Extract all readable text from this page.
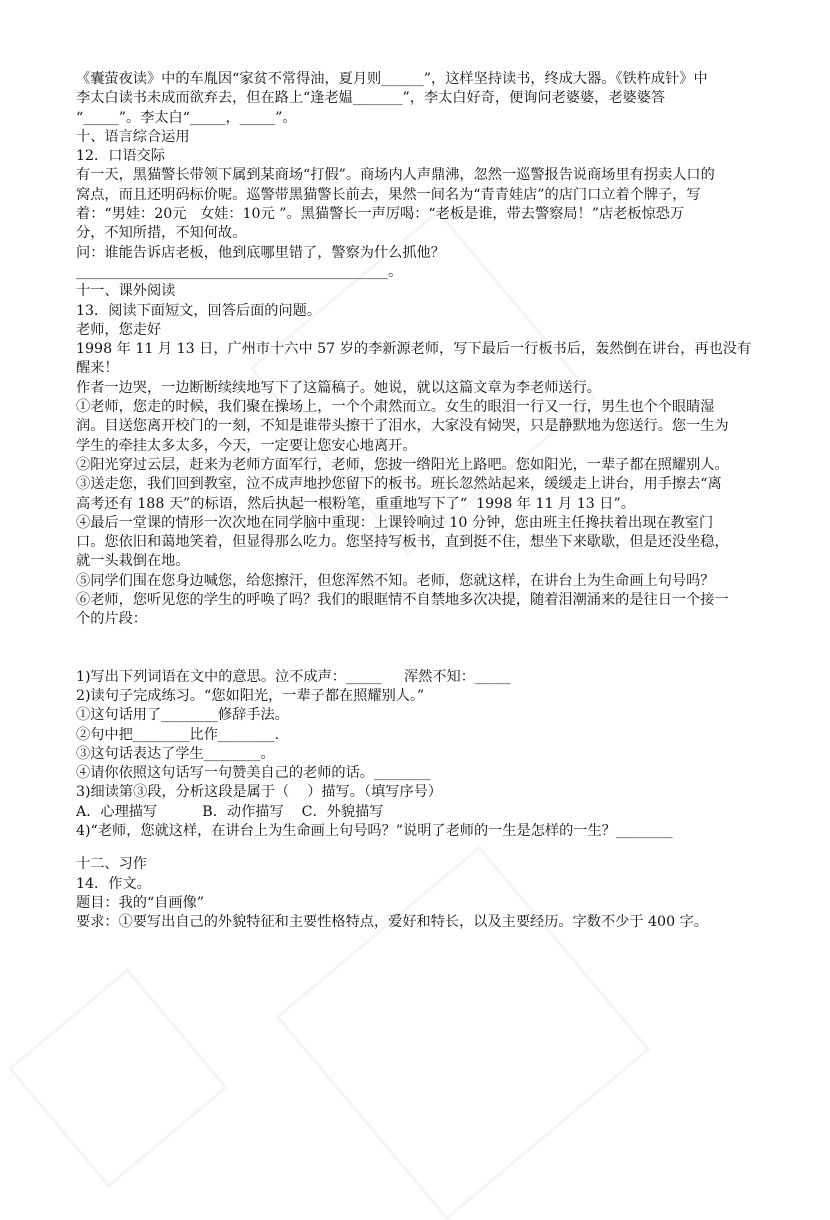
《囊萤夜读》中的车胤因“家贫不常得油，夏月则______”，这样坚持读书，终成大器。《铁杵成针》中
李太白读书未成而欲弃去，但在路上“逢老媪_______”，李太白好奇，便询问老婆婆，老婆婆答
“_____”。李太白“_____，_____”。
十、语言综合运用
12．口语交际
有一天，黑猫警长带领下属到某商场“打假”。商场内人声鼎沸，忽然一巡警报告说商场里有拐卖人口的
窝点，而且还明码标价呢。巡警带黑猫警长前去，果然一间名为“青青娃店”的店门口立着个牌子，写
着：“男娃：20元   女娃：10元 ”。黑猫警长一声厉喝：“老板是谁，带去警察局！”店老板惊恐万
分，不知所措，不知何故。
问：谁能告诉店老板，他到底哪里错了，警察为什么抓他？
____________________________________________。
十一、课外阅读
13．阅读下面短文，回答后面的问题。
老师，您走好
1998 年 11 月 13 日，广州市十六中 57 岁的李新源老师，写下最后一行板书后，轰然倒在讲台，再也没有
醒来！
作者一边哭，一边断断续续地写下了这篇稿子。她说，就以这篇文章为李老师送行。
①老师，您走的时候，我们聚在操场上，一个个肃然而立。女生的眼泪一行又一行，男生也个个眼睛湿
润。目送您离开校门的一刻，不知是谁带头擦干了泪水，大家没有恸哭，只是静默地为您送行。您一生为
学生的牵挂太多太多，今天，一定要让您安心地离开。
②阳光穿过云层，赶来为老师方面军行，老师，您披一绺阳光上路吧。您如阳光，一辈子都在照耀别人。
③送走您，我们回到教室，泣不成声地抄您留下的板书。班长忽然站起来，缓缓走上讲台，用手擦去“离
高考还有 188 天”的标语，然后执起一根粉笔，重重地写下了“  1998 年 11 月 13 日”。
④最后一堂课的情形一次次地在同学脑中重现：上课铃响过 10 分钟，您由班主任搀扶着出现在教室门
口。您依旧和蔼地笑着，但显得那么吃力。您坚持写板书，直到挺不住，想坐下来歇歇，但是还没坐稳，
就一头栽倒在地。
⑤同学们围在您身边喊您，给您擦汗，但您浑然不知。老师，您就这样，在讲台上为生命画上句号吗？
⑥老师，您听见您的学生的呼唤了吗？我们的眼眶情不自禁地多次决提，随着泪潮涌来的是往日一个接一
个的片段：
1)写出下列词语在文中的意思。泣不成声：_____     浑然不知：_____
2)读句子完成练习。“您如阳光，一辈子都在照耀别人。”
①这句话用了________修辞手法。
②句中把________比作________.
③这句话表达了学生________。
④请你依照这句话写一句赞美自己的老师的话。________
3)细读第③段，分析这段是属于（    ）描写。（填写序号）
A．心理描写          B．动作描写    C．外貌描写
4)“老师，您就这样，在讲台上为生命画上句号吗？”说明了老师的一生是怎样的一生？________
十二、习作
14．作文。
题目：我的“自画像”
要求：①要写出自己的外貌特征和主要性格特点，爱好和特长，以及主要经历。字数不少于 400 字。
